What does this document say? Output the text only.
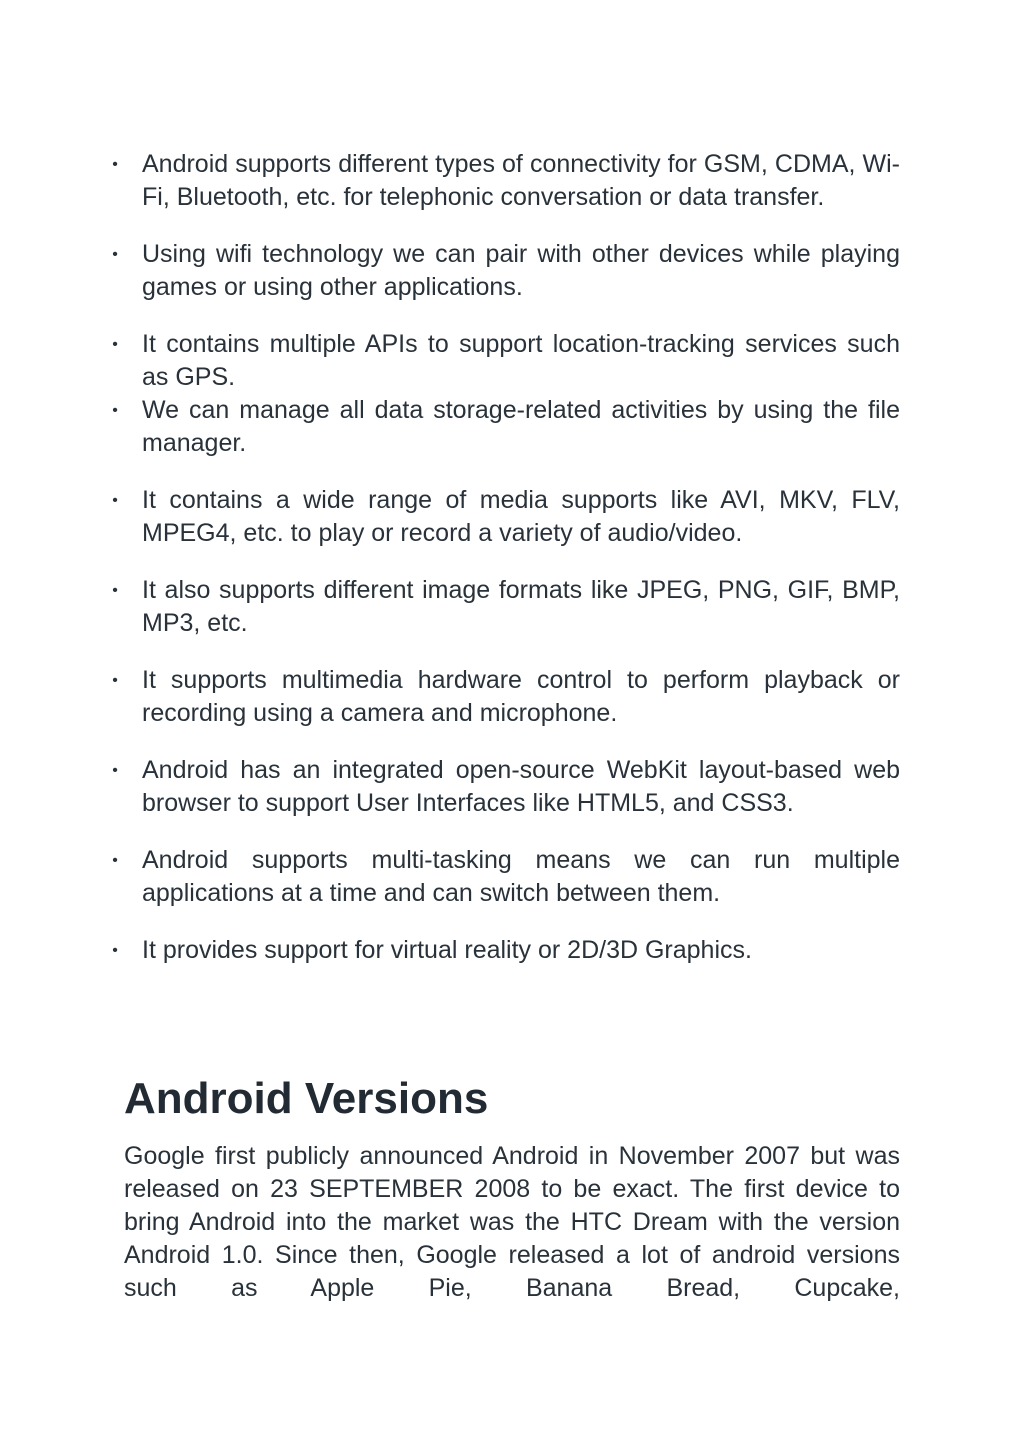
• Android supports different types of connectivity for GSM, CDMA, Wi-Fi, Bluetooth, etc. for telephonic conversation or data transfer.
• Using wifi technology we can pair with other devices while playing games or using other applications.
• It contains multiple APIs to support location-tracking services such as GPS.
• We can manage all data storage-related activities by using the file manager.
• It contains a wide range of media supports like AVI, MKV, FLV, MPEG4, etc. to play or record a variety of audio/video.
• It also supports different image formats like JPEG, PNG, GIF, BMP, MP3, etc.
• It supports multimedia hardware control to perform playback or recording using a camera and microphone.
• Android has an integrated open-source WebKit layout-based web browser to support User Interfaces like HTML5, and CSS3.
• Android supports multi-tasking means we can run multiple applications at a time and can switch between them.
• It provides support for virtual reality or 2D/3D Graphics.
Android Versions

Google first publicly announced Android in November 2007 but was released on 23 SEPTEMBER 2008 to be exact. The first device to bring Android into the market was the HTC Dream with the version Android 1.0. Since then, Google released a lot of android versions such as Apple Pie, Banana Bread, Cupcake,
